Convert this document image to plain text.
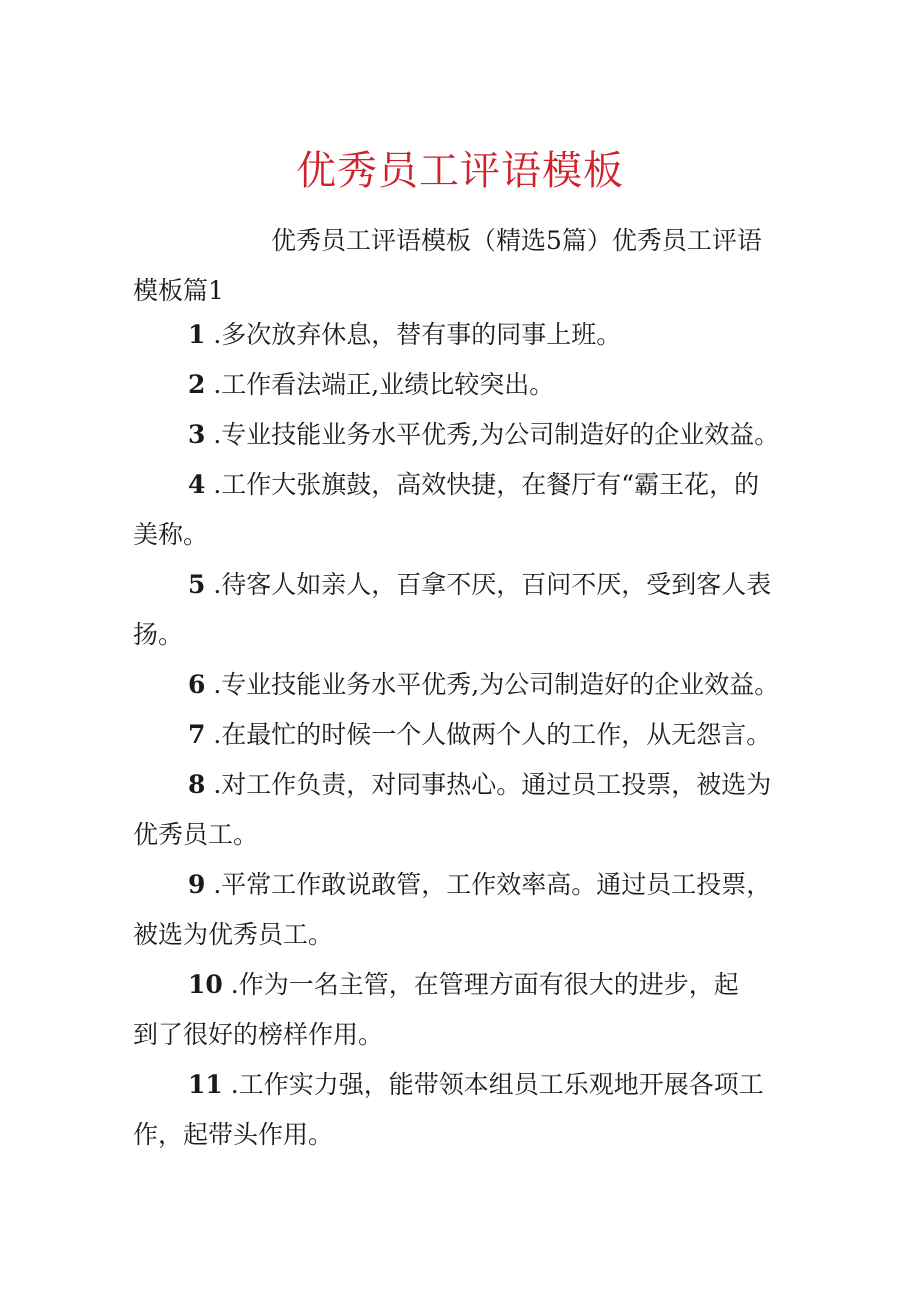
优秀员工评语模板
优秀员工评语模板（精选5篇）优秀员工评语
模板篇1
1 .多次放弃休息，替有事的同事上班。
2 .工作看法端正,业绩比较突出。
3 .专业技能业务水平优秀,为公司制造好的企业效益。
4 .工作大张旗鼓，高效快捷，在餐厅有“霸王花，的
美称。
5 .待客人如亲人，百拿不厌，百问不厌，受到客人表
扬。
6 .专业技能业务水平优秀,为公司制造好的企业效益。
7 .在最忙的时候一个人做两个人的工作，从无怨言。
8 .对工作负责，对同事热心。通过员工投票，被选为
优秀员工。
9 .平常工作敢说敢管，工作效率高。通过员工投票，
被选为优秀员工。
10 .作为一名主管，在管理方面有很大的进步，起
到了很好的榜样作用。
11 .工作实力强，能带领本组员工乐观地开展各项工
作，起带头作用。
